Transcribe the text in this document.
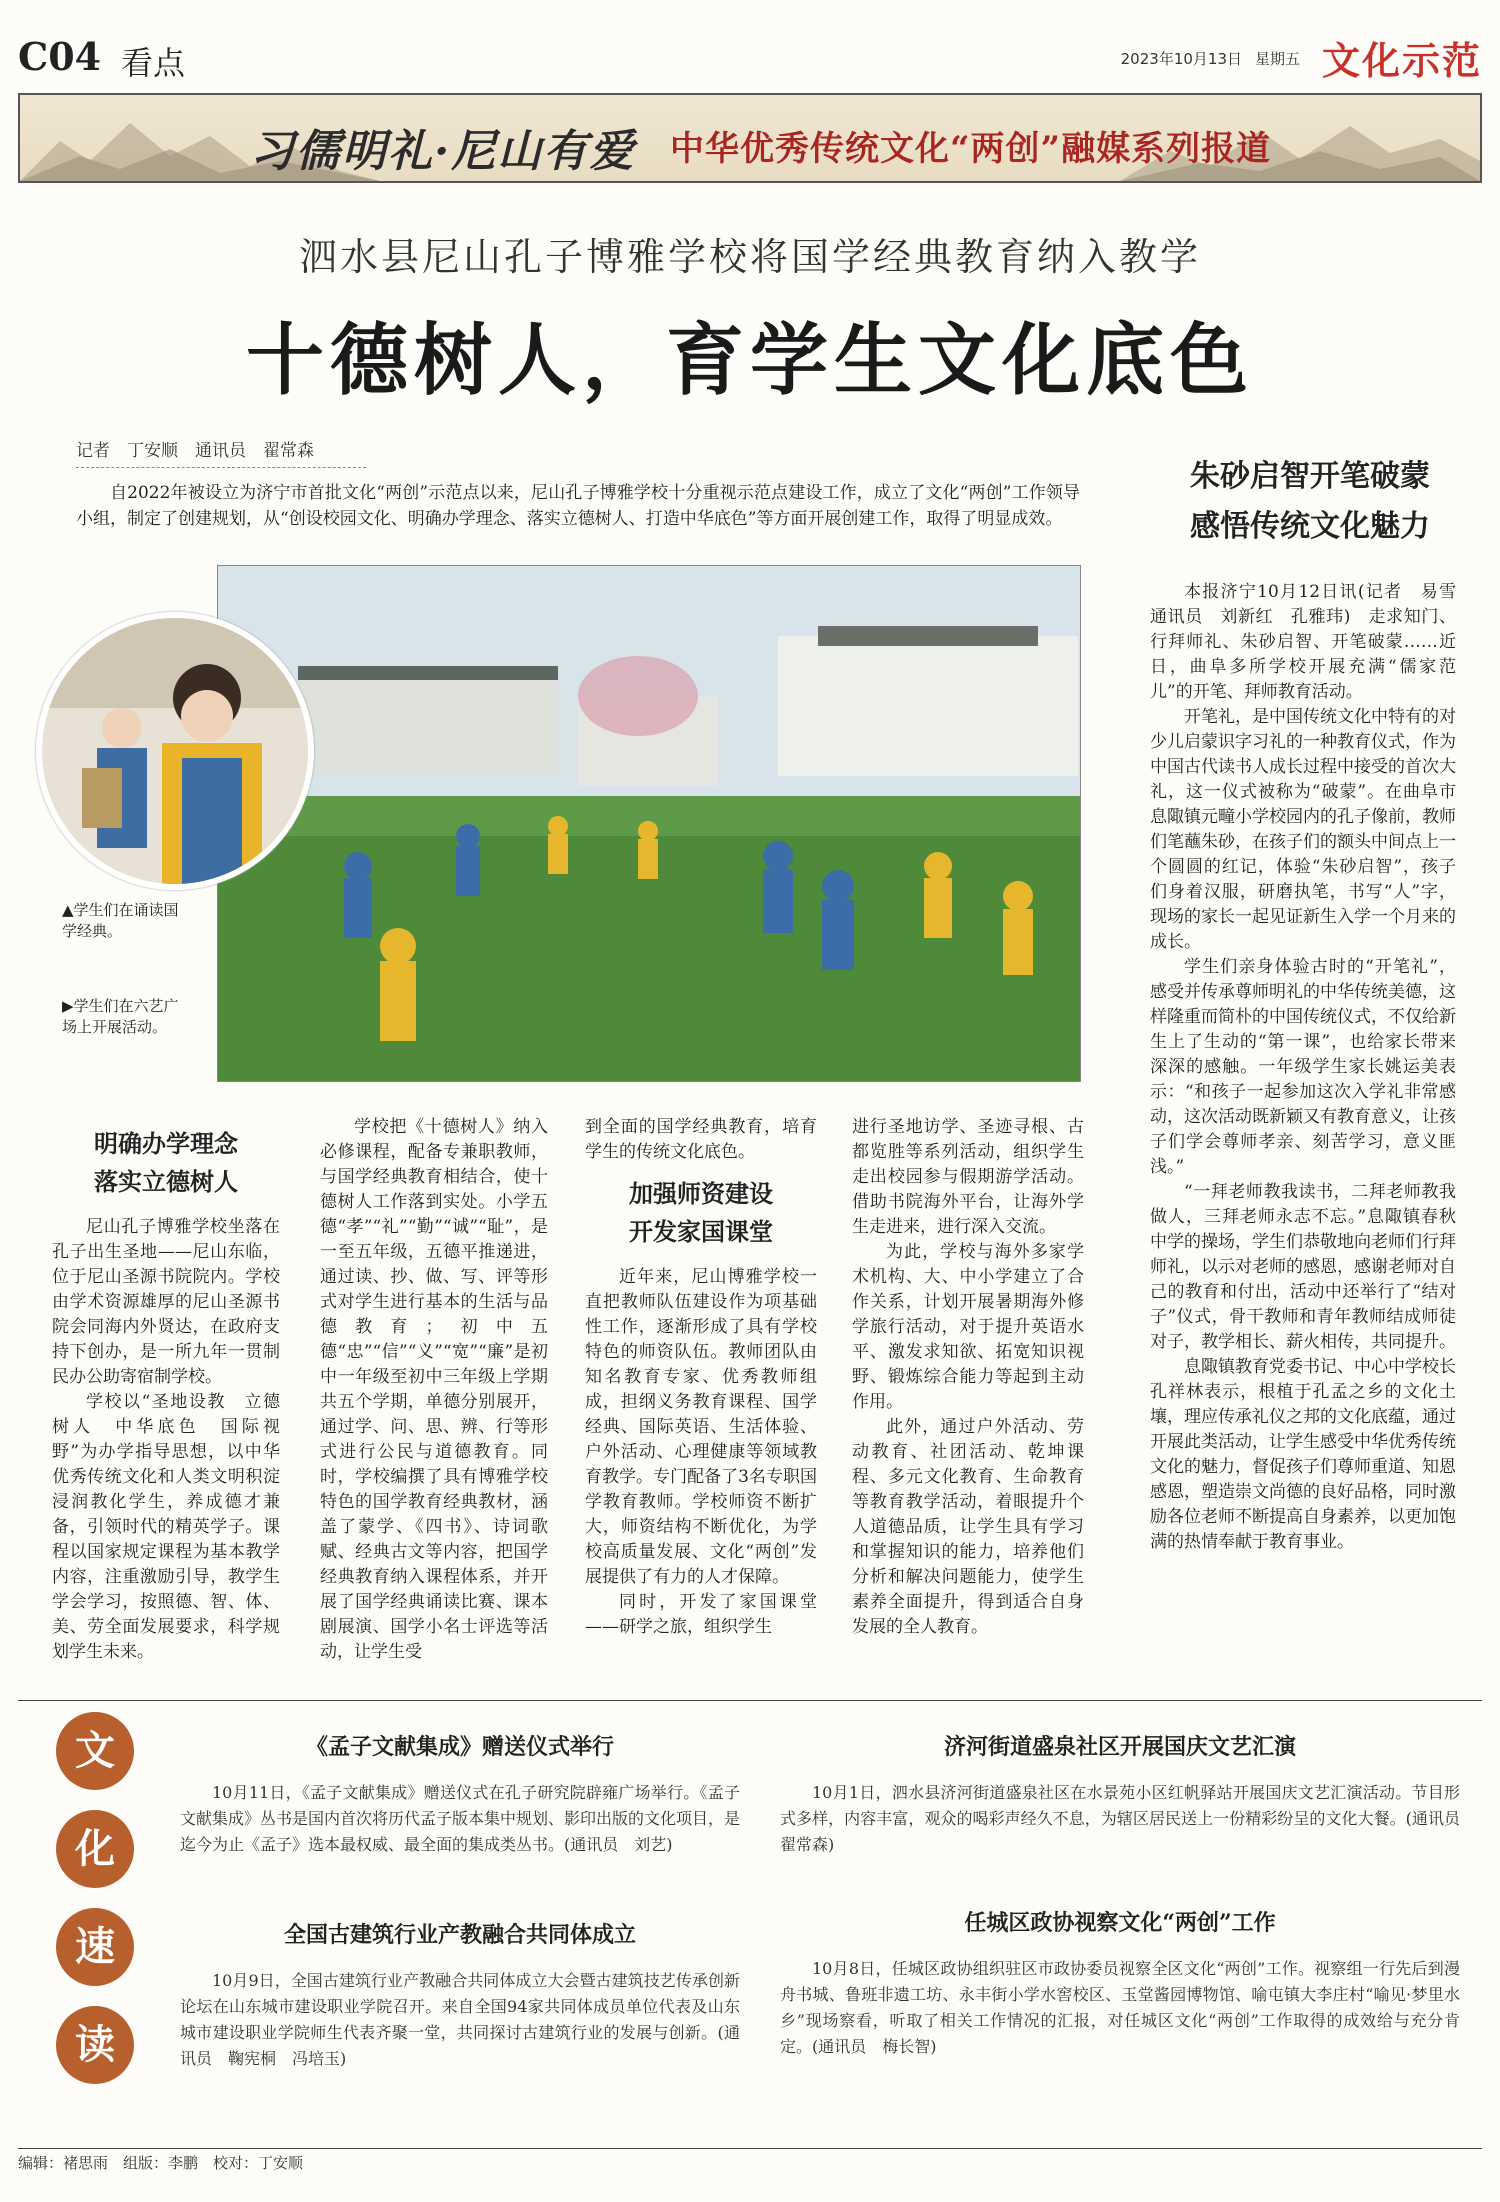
C04 看点	2023年10月13日 星期五 文化示范
习儒明礼·尼山有爱 中华优秀传统文化“两创”融媒系列报道
泗水县尼山孔子博雅学校将国学经典教育纳入教学
十德树人，育学生文化底色
记者　丁安顺　通讯员　翟常森
自2022年被设立为济宁市首批文化“两创”示范点以来，尼山孔子博雅学校十分重视示范点建设工作，成立了文化“两创”工作领导小组，制定了创建规划，从“创设校园文化、明确办学理念、落实立德树人、打造中华底色”等方面开展创建工作，取得了明显成效。
▲学生们在诵读国学经典。
▶学生们在六艺广场上开展活动。
朱砂启智开笔破蒙
感悟传统文化魅力

本报济宁10月12日讯(记者　易雪　通讯员　刘新红　孔雅玮)　走求知门、行拜师礼、朱砂启智、开笔破蒙……近日，曲阜多所学校开展充满“儒家范儿”的开笔、拜师教育活动。

开笔礼，是中国传统文化中特有的对少儿启蒙识字习礼的一种教育仪式，作为中国古代读书人成长过程中接受的首次大礼，这一仪式被称为“破蒙”。在曲阜市息陬镇元疃小学校园内的孔子像前，教师们笔蘸朱砂，在孩子们的额头中间点上一个圆圆的红记，体验“朱砂启智”，孩子们身着汉服，研磨执笔，书写“人”字，现场的家长一起见证新生入学一个月来的成长。

学生们亲身体验古时的“开笔礼”，感受并传承尊师明礼的中华传统美德，这样隆重而简朴的中国传统仪式，不仅给新生上了生动的“第一课”，也给家长带来深深的感触。一年级学生家长姚运美表示：“和孩子一起参加这次入学礼非常感动，这次活动既新颖又有教育意义，让孩子们学会尊师孝亲、刻苦学习，意义匪浅。”

“一拜老师教我读书，二拜老师教我做人，三拜老师永志不忘。”息陬镇春秋中学的操场，学生们恭敬地向老师们行拜师礼，以示对老师的感恩，感谢老师对自己的教育和付出，活动中还举行了“结对子”仪式，骨干教师和青年教师结成师徒对子，教学相长、薪火相传，共同提升。

息陬镇教育党委书记、中心中学校长孔祥林表示，根植于孔孟之乡的文化土壤，理应传承礼仪之邦的文化底蕴，通过开展此类活动，让学生感受中华优秀传统文化的魅力，督促孩子们尊师重道、知恩感恩，塑造崇文尚德的良好品格，同时激励各位老师不断提高自身素养，以更加饱满的热情奉献于教育事业。

明确办学理念
落实立德树人

尼山孔子博雅学校坐落在孔子出生圣地——尼山东临，位于尼山圣源书院院内。学校由学术资源雄厚的尼山圣源书院会同海内外贤达，在政府支持下创办，是一所九年一贯制民办公助寄宿制学校。

学校以“圣地设教　立德树人　中华底色　国际视野”为办学指导思想，以中华优秀传统文化和人类文明积淀浸润教化学生，养成德才兼备，引领时代的精英学子。课程以国家规定课程为基本教学内容，注重激励引导，教学生学会学习，按照德、智、体、美、劳全面发展要求，科学规划学生未来。

学校把《十德树人》纳入必修课程，配备专兼职教师，与国学经典教育相结合，使十德树人工作落到实处。小学五德“孝”“礼”“勤”“诚”“耻”，是一至五年级，五德平推递进，通过读、抄、做、写、评等形式对学生进行基本的生活与品德教育；初中五德“忠”“信”“义”“宽”“廉”是初中一年级至初中三年级上学期共五个学期，单德分别展开，通过学、问、思、辨、行等形式进行公民与道德教育。同时，学校编撰了具有博雅学校特色的国学教育经典教材，涵盖了蒙学、《四书》、诗词歌赋、经典古文等内容，把国学经典教育纳入课程体系，并开展了国学经典诵读比赛、课本剧展演、国学小名士评选等活动，让学生受

到全面的国学经典教育，培育学生的传统文化底色。

加强师资建设
开发家国课堂

近年来，尼山博雅学校一直把教师队伍建设作为项基础性工作，逐渐形成了具有学校特色的师资队伍。教师团队由知名教育专家、优秀教师组成，担纲义务教育课程、国学经典、国际英语、生活体验、户外活动、心理健康等领域教育教学。专门配备了3名专职国学教育教师。学校师资不断扩大，师资结构不断优化，为学校高质量发展、文化“两创”发展提供了有力的人才保障。

同时，开发了家国课堂——研学之旅，组织学生

进行圣地访学、圣迹寻根、古都览胜等系列活动，组织学生走出校园参与假期游学活动。借助书院海外平台，让海外学生走进来，进行深入交流。

为此，学校与海外多家学术机构、大、中小学建立了合作关系，计划开展暑期海外修学旅行活动，对于提升英语水平、激发求知欲、拓宽知识视野、锻炼综合能力等起到主动作用。

此外，通过户外活动、劳动教育、社团活动、乾坤课程、多元文化教育、生命教育等教育教学活动，着眼提升个人道德品质，让学生具有学习和掌握知识的能力，培养他们分析和解决问题能力，使学生素养全面提升，得到适合自身发展的全人教育。

文
化
速
读
《孟子文献集成》赠送仪式举行
10月11日，《孟子文献集成》赠送仪式在孔子研究院辟雍广场举行。《孟子文献集成》丛书是国内首次将历代孟子版本集中规划、影印出版的文化项目，是迄今为止《孟子》选本最权威、最全面的集成类丛书。(通讯员　刘艺)
全国古建筑行业产教融合共同体成立
10月9日，全国古建筑行业产教融合共同体成立大会暨古建筑技艺传承创新论坛在山东城市建设职业学院召开。来自全国94家共同体成员单位代表及山东城市建设职业学院师生代表齐聚一堂，共同探讨古建筑行业的发展与创新。(通讯员　鞠宪桐　冯培玉)
济河街道盛泉社区开展国庆文艺汇演
10月1日，泗水县济河街道盛泉社区在水景苑小区红帆驿站开展国庆文艺汇演活动。节目形式多样，内容丰富，观众的喝彩声经久不息，为辖区居民送上一份精彩纷呈的文化大餐。(通讯员　翟常森)
任城区政协视察文化“两创”工作
10月8日，任城区政协组织驻区市政协委员视察全区文化“两创”工作。视察组一行先后到漫舟书城、鲁班非遗工坊、永丰街小学水窖校区、玉堂酱园博物馆、喻屯镇大李庄村“喻见·梦里水乡”现场察看，听取了相关工作情况的汇报，对任城区文化“两创”工作取得的成效给与充分肯定。(通讯员　梅长智)
编辑：褚思雨　组版：李鹏　校对：丁安顺
